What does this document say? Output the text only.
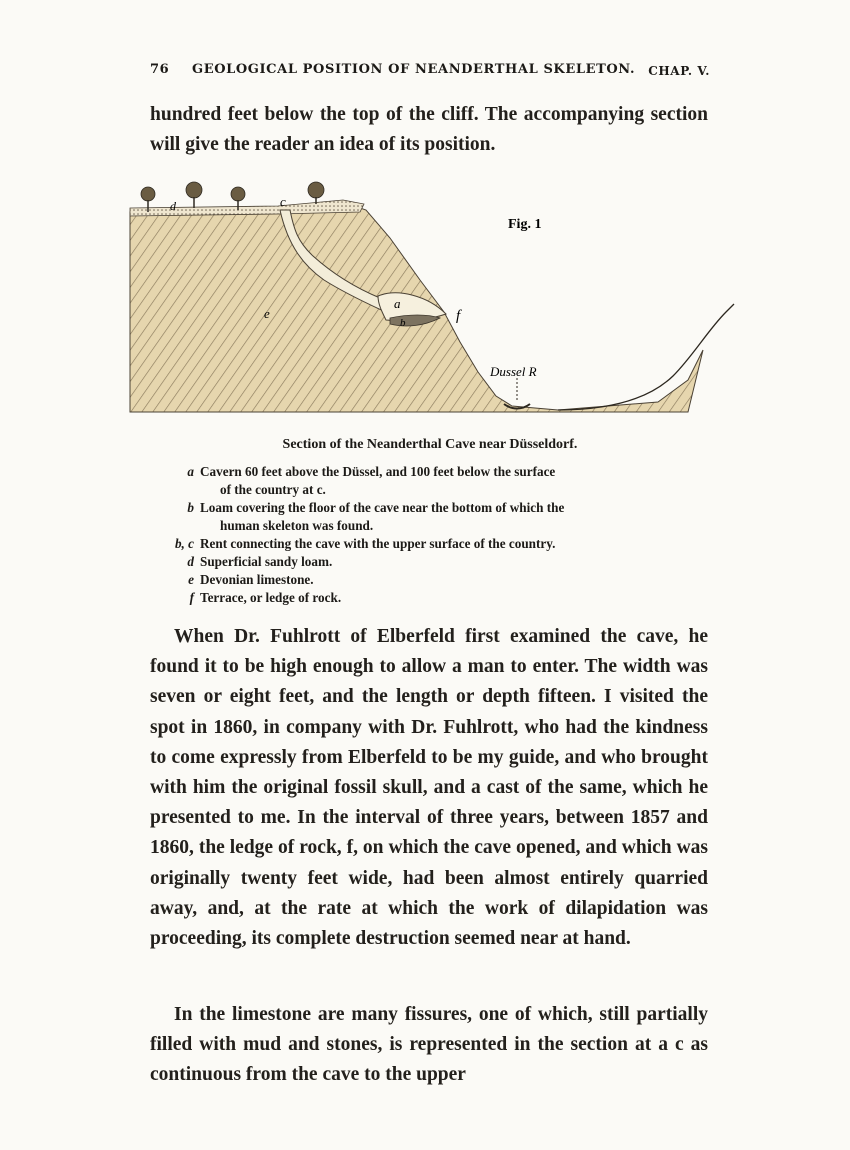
76 GEOLOGICAL POSITION OF NEANDERTHAL SKELETON. CHAP. V.
hundred feet below the top of the cliff. The accompanying section will give the reader an idea of its position.
d	c
e
a
b	f
Dussel R
Fig. 1
Section of the Neanderthal Cave near Düsseldorf.
a Cavern 60 feet above the Düssel, and 100 feet below the surface
of the country at c.
b Loam covering the floor of the cave near the bottom of which the
human skeleton was found.
b, c Rent connecting the cave with the upper surface of the country.
d Superficial sandy loam.
e Devonian limestone.
f Terrace, or ledge of rock.
When Dr. Fuhlrott of Elberfeld first examined the cave, he found it to be high enough to allow a man to enter. The width was seven or eight feet, and the length or depth fifteen. I visited the spot in 1860, in company with Dr. Fuhlrott, who had the kindness to come expressly from Elberfeld to be my guide, and who brought with him the original fossil skull, and a cast of the same, which he presented to me. In the interval of three years, between 1857 and 1860, the ledge of rock, f, on which the cave opened, and which was originally twenty feet wide, had been almost entirely quarried away, and, at the rate at which the work of dilapidation was proceeding, its complete destruction seemed near at hand.
In the limestone are many fissures, one of which, still partially filled with mud and stones, is represented in the section at a c as continuous from the cave to the upper
